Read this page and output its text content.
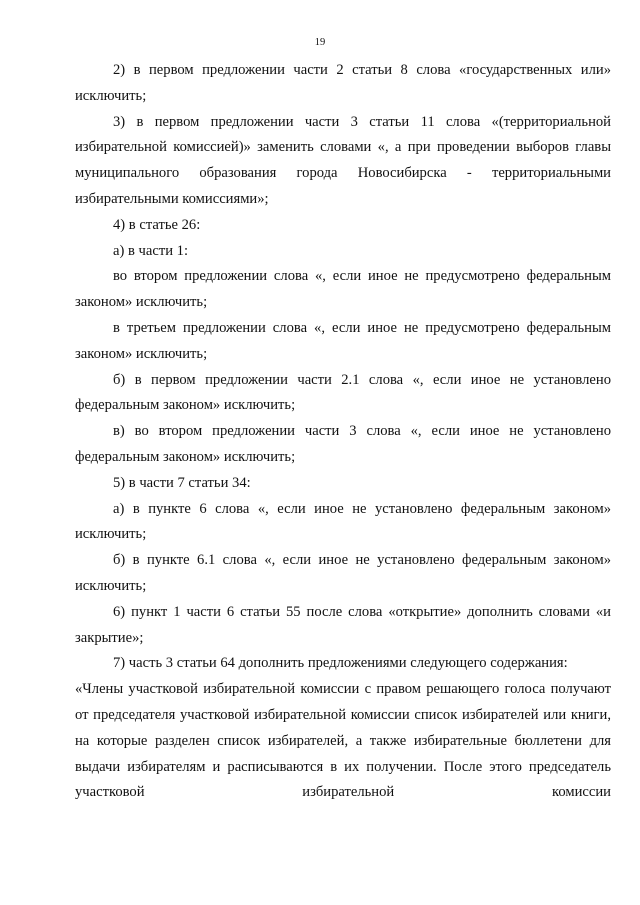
19

2) в первом предложении части 2 статьи 8 слова «государственных или» исключить;

3) в первом предложении части 3 статьи 11 слова «(территориальной избирательной комиссией)» заменить словами «, а при проведении выборов главы муниципального образования города Новосибирска - территориальными избирательными комиссиями»;

4) в статье 26:

а) в части 1:

во втором предложении слова «, если иное не предусмотрено федеральным законом» исключить;

в третьем предложении слова «, если иное не предусмотрено федеральным законом» исключить;

б) в первом предложении части 2.1 слова «, если иное не установлено федеральным законом» исключить;

в) во втором предложении части 3 слова «, если иное не установлено федеральным законом» исключить;

5) в части 7 статьи 34:

а) в пункте 6 слова «, если иное не установлено федеральным законом» исключить;

б) в пункте 6.1 слова «, если иное не установлено федеральным законом» исключить;

6) пункт 1 части 6 статьи 55 после слова «открытие» дополнить словами «и закрытие»;

7) часть 3 статьи 64 дополнить предложениями следующего содержания:

«Члены участковой избирательной комиссии с правом решающего голоса получают от председателя участковой избирательной комиссии список избирателей или книги, на которые разделен список избирателей, а также избирательные бюллетени для выдачи избирателям и расписываются в их получении. После этого председатель участковой избирательной комиссии
